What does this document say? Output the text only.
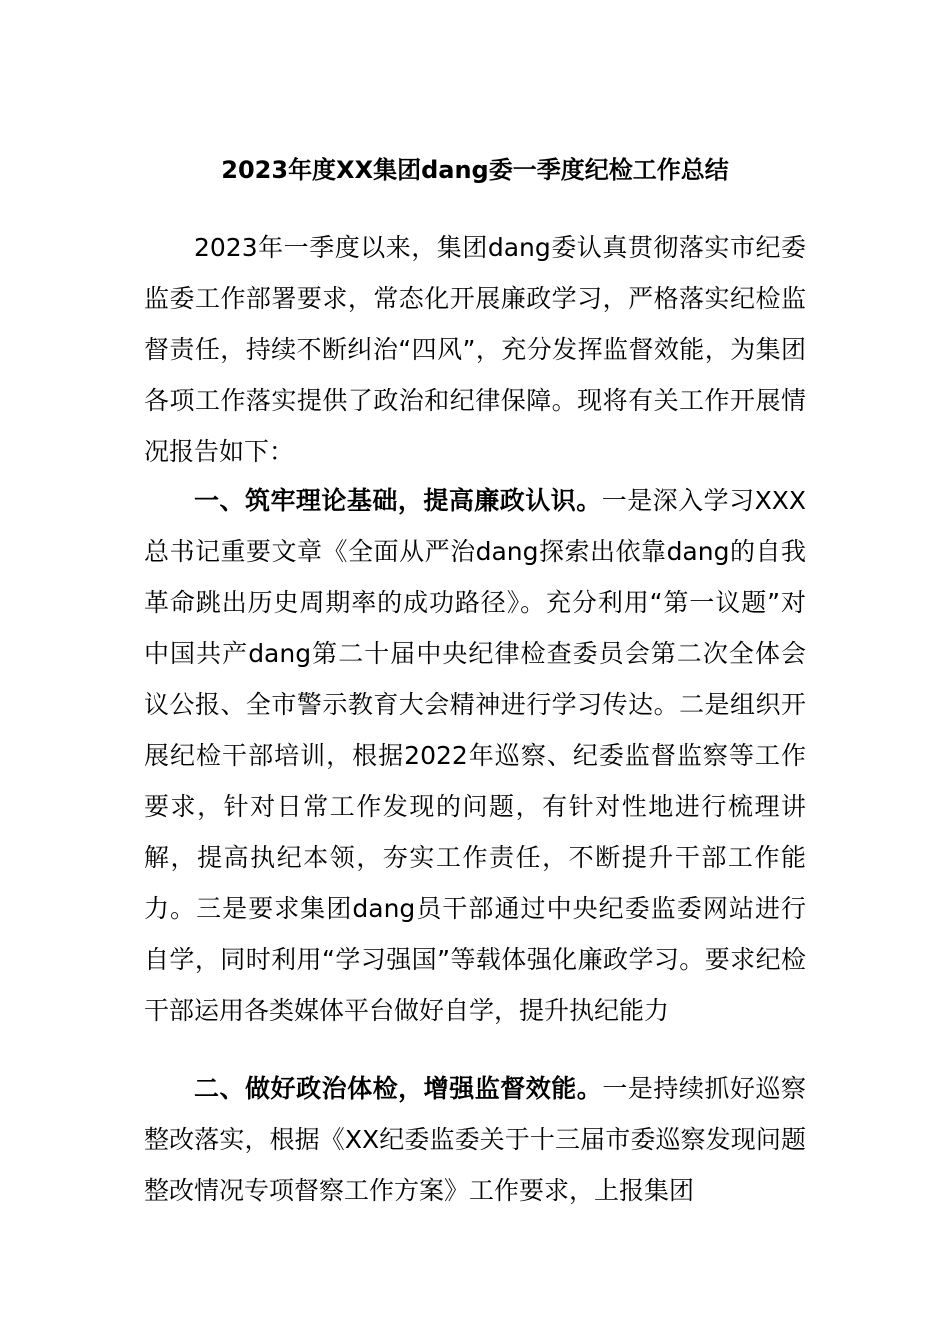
2023年度XX集团dang委一季度纪检工作总结

2023年一季度以来，集团dang委认真贯彻落实市纪委监委工作部署要求，常态化开展廉政学习，严格落实纪检监督责任，持续不断纠治“四风”，充分发挥监督效能，为集团各项工作落实提供了政治和纪律保障。现将有关工作开展情况报告如下：

一、筑牢理论基础，提高廉政认识。一是深入学习XXX总书记重要文章《全面从严治dang探索出依靠dang的自我革命跳出历史周期率的成功路径》。充分利用“第一议题”对中国共产dang第二十届中央纪律检查委员会第二次全体会议公报、全市警示教育大会精神进行学习传达。二是组织开展纪检干部培训，根据2022年巡察、纪委监督监察等工作要求，针对日常工作发现的问题，有针对性地进行梳理讲解，提高执纪本领，夯实工作责任，不断提升干部工作能力。三是要求集团dang员干部通过中央纪委监委网站进行自学，同时利用“学习强国”等载体强化廉政学习。要求纪检干部运用各类媒体平台做好自学，提升执纪能力

二、做好政治体检，增强监督效能。一是持续抓好巡察整改落实，根据《XX纪委监委关于十三届市委巡察发现问题整改情况专项督察工作方案》工作要求，上报集团
